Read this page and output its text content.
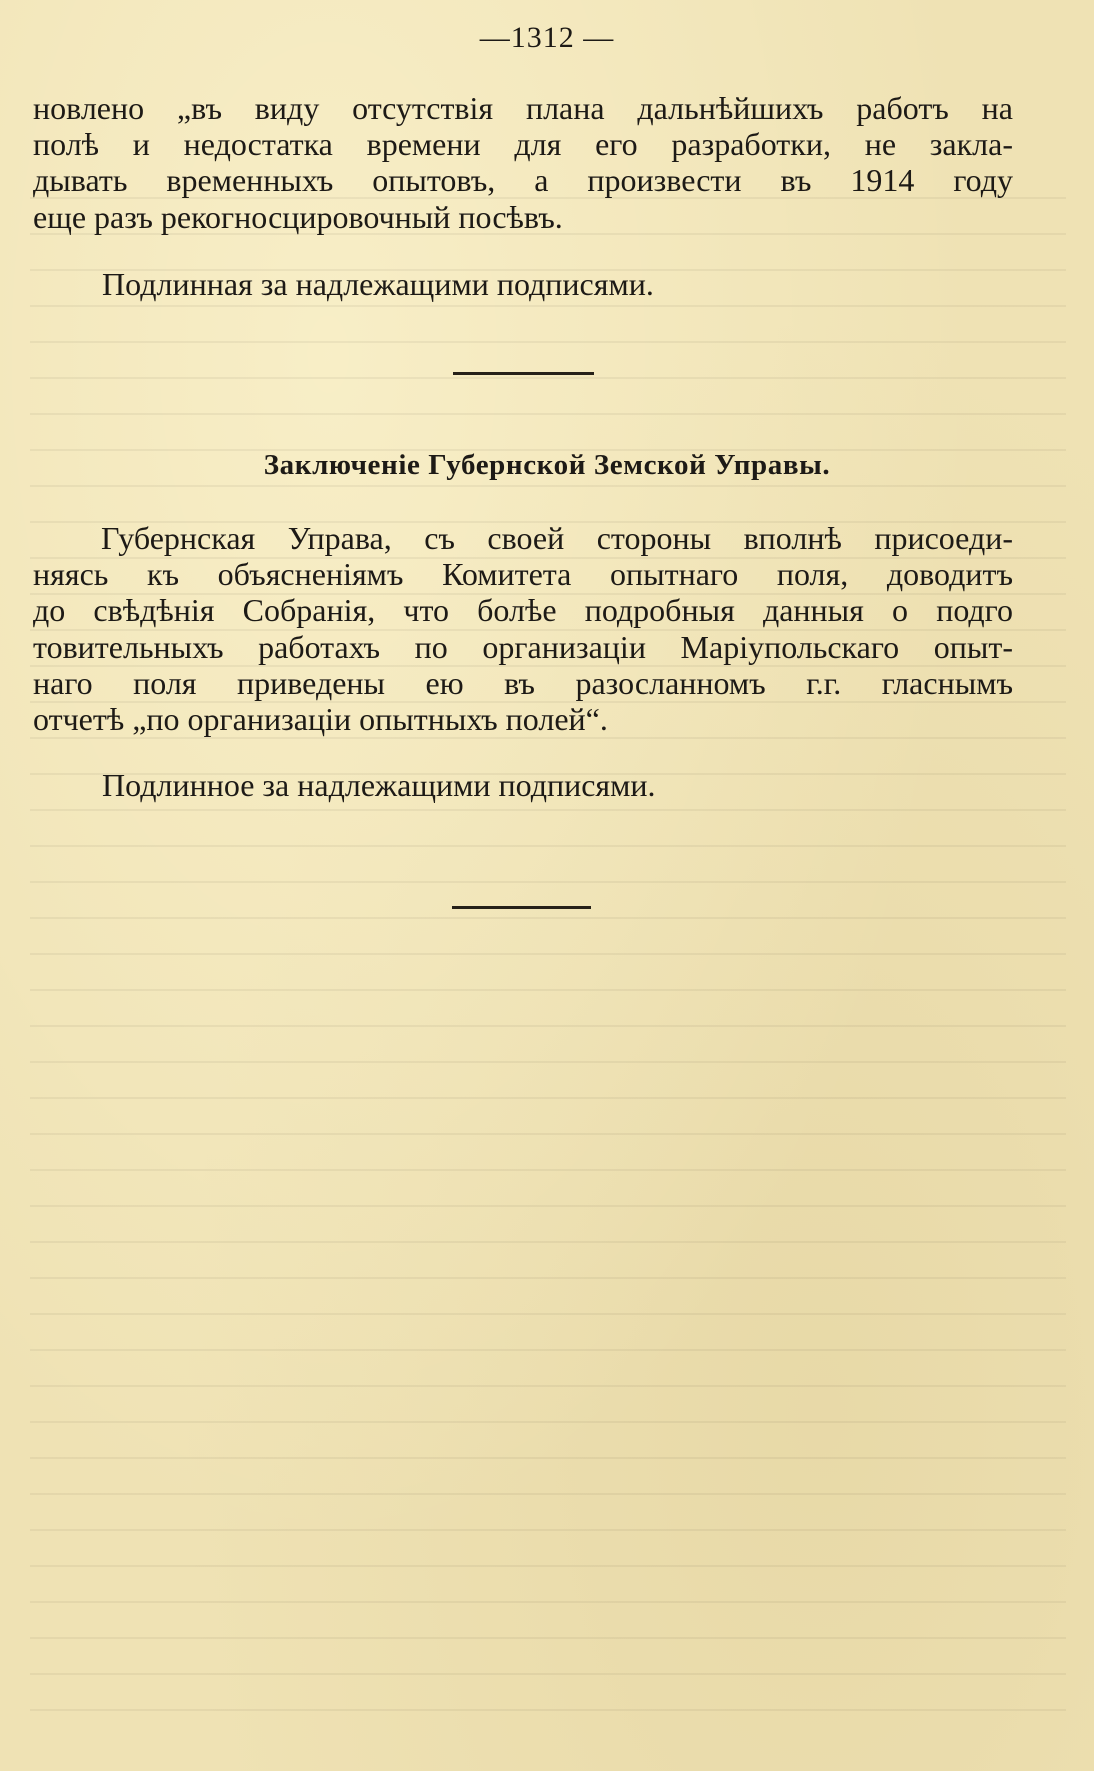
—1312 —

новлено „въ виду отсутствія плана дальнѣйшихъ работъ на
полѣ и недостатка времени для его разработки, не закла-
дывать временныхъ опытовъ, а произвести въ 1914 году
еще разъ рекогносцировочный посѣвъ.

Подлинная за надлежащими подписями.
Заключеніе Губернской Земской Управы.

Губернская Управа, съ своей стороны вполнѣ присоеди-
няясь къ объясненіямъ Комитета опытнаго поля, доводитъ
до свѣдѣнія Собранія, что болѣе подробныя данныя о подго
товительныхъ работахъ по организаціи Маріупольскаго опыт-
наго поля приведены ею въ разосланномъ г.г. гласнымъ
отчетѣ „по организаціи опытныхъ полей“.

Подлинное за надлежащими подписями.
